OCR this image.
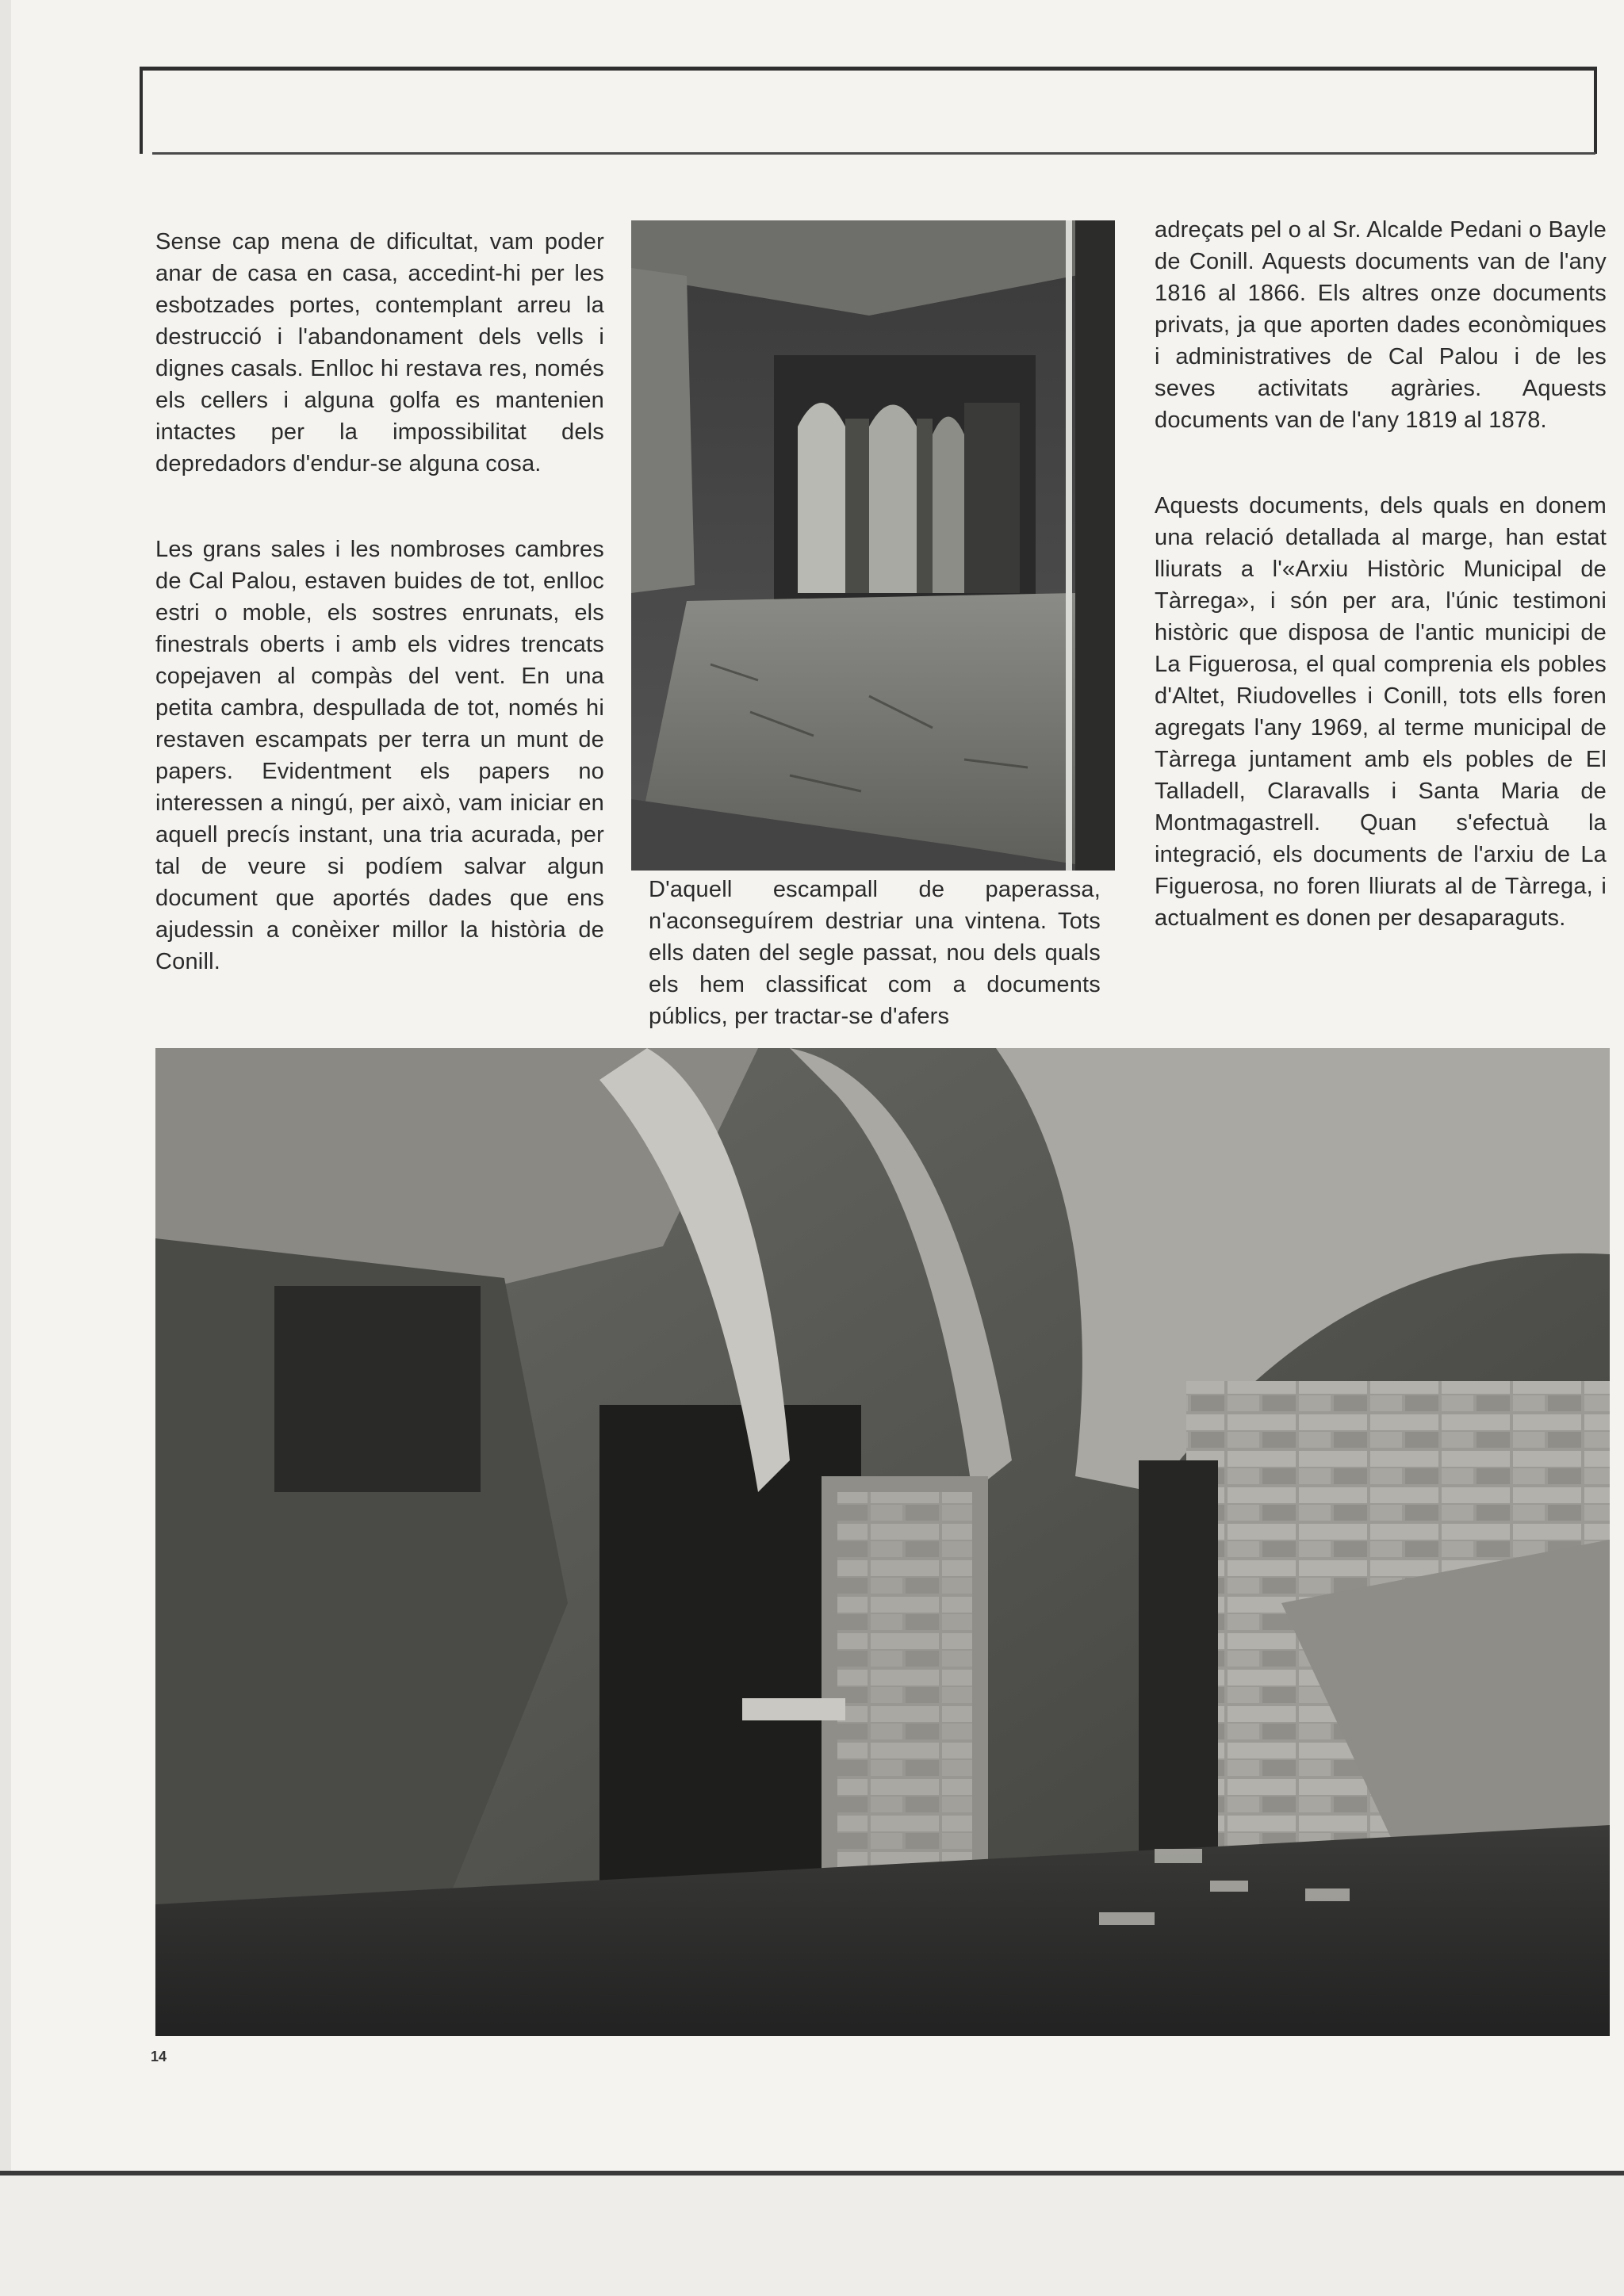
Sense cap mena de dificultat, vam poder anar de casa en casa, accedint-hi per les esbotzades portes, contemplant arreu la destrucció i l'abandonament dels vells i dignes casals. Enlloc hi restava res, només els cellers i alguna golfa es mantenien intactes per la impossibilitat dels depredadors d'endur-se alguna cosa.

Les grans sales i les nombroses cambres de Cal Palou, estaven buides de tot, enlloc estri o moble, els sostres enrunats, els finestrals oberts i amb els vidres trencats copejaven al compàs del vent. En una petita cambra, despullada de tot, només hi restaven escampats per terra un munt de papers. Evidentment els papers no interessen a ningú, per això, vam iniciar en aquell precís instant, una tria acurada, per tal de veure si podíem salvar algun document que aportés dades que ens ajudessin a conèixer millor la història de Conill.

D'aquell escampall de paperassa, n'aconseguírem destriar una vintena. Tots ells daten del segle passat, nou dels quals els hem classificat com a documents públics, per tractar-se d'afers

adreçats pel o al Sr. Alcalde Pedani o Bayle de Conill. Aquests documents van de l'any 1816 al 1866. Els altres onze documents privats, ja que aporten dades econòmiques i administratives de Cal Palou i de les seves activitats agràries. Aquests documents van de l'any 1819 al 1878.

Aquests documents, dels quals en donem una relació detallada al marge, han estat lliurats a l'«Arxiu Històric Municipal de Tàrrega», i són per ara, l'únic testimoni històric que disposa de l'antic municipi de La Figuerosa, el qual comprenia els pobles d'Altet, Riudovelles i Conill, tots ells foren agregats l'any 1969, al terme municipal de Tàrrega juntament amb els pobles de El Talladell, Claravalls i Santa Maria de Montmagastrell. Quan s'efectuà la integració, els documents de l'arxiu de La Figuerosa, no foren lliurats al de Tàrrega, i actualment es donen per desaparaguts.

14
